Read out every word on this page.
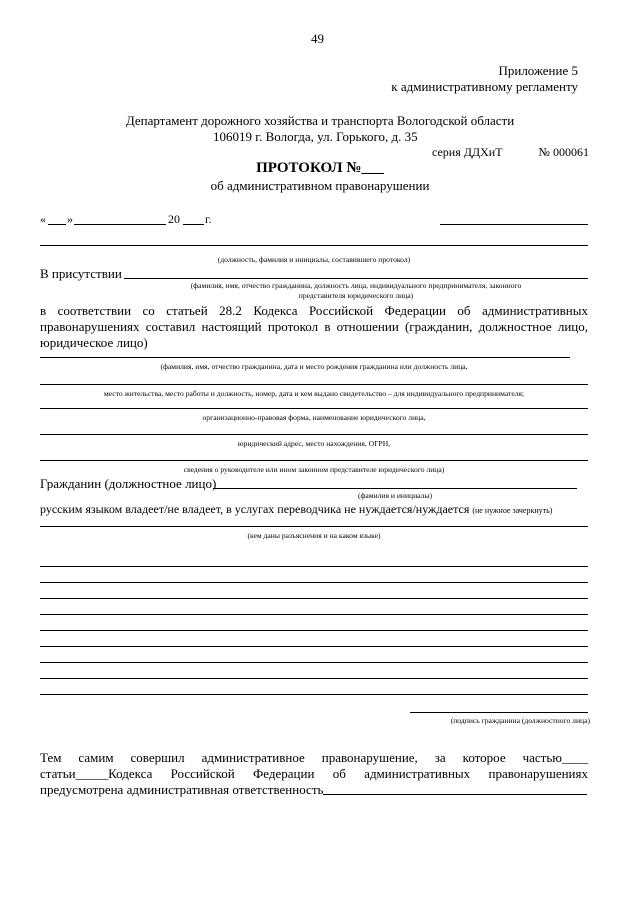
49
Приложение 5
к административному регламенту
Департамент дорожного хозяйства и транспорта Вологодской области
106019 г. Вологда, ул. Горького, д. 35
серия ДДХиТ	№ 000061
ПРОТОКОЛ №___
об административном правонарушении
« »	20 г.
(должность, фамилия и инициалы, составившего протокол)
В присутствии
(фамилия, имя, отчество гражданина, должность лица, индивидуального предпринимателя, законного
представителя юридического лица)
в соответствии со статьей 28.2 Кодекса Российской Федерации об административных
правонарушениях составил настоящий протокол в отношении (гражданин, должностное лицо,
юридическое лицо)
(фамилия, имя, отчество гражданина, дата и место рождения гражданина или должность лица,
место жительства, место работы и должность, номер, дата и кем выдано свидетельство – для индивидуального предпринимателя;
организационно-правовая форма, наименование юридического лица,
юридический адрес, место нахождения, ОГРН,
сведения о руководителе или ином законном представителе юридического лица)
Гражданин (должностное лицо)
(фамилия и инициалы)
русским языком владеет/не владеет, в услугах переводчика не нуждается/нуждается (не нужное зачеркнуть)
(кем даны разъяснения и на каком языке)
(подпись гражданина (должностного лица)
Тем самим совершил административное правонарушение, за которое частью____
статьи_____Кодекса Российской Федерации об административных правонарушениях
предусмотрена административная ответственность
